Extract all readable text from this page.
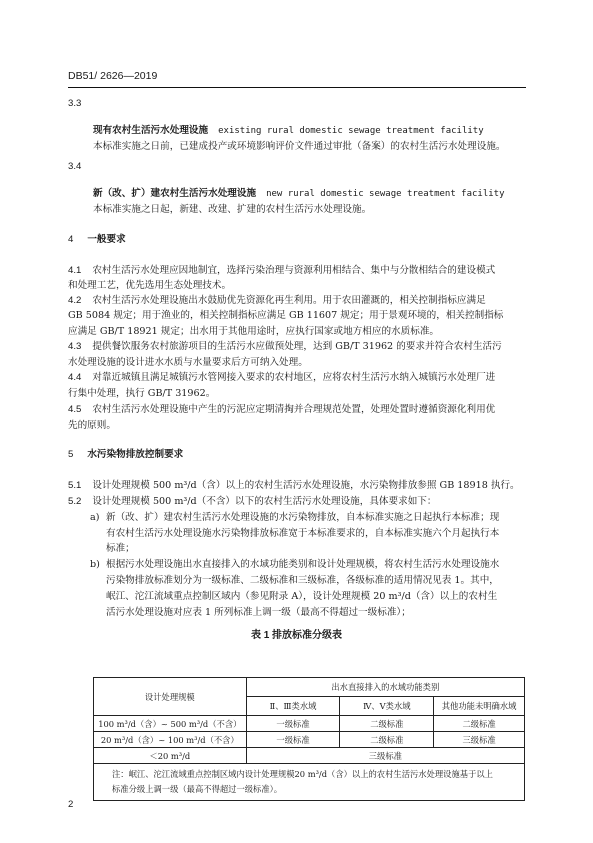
DB51/ 2626—2019
3.3
现有农村生活污水处理设施 existing rural domestic sewage treatment facility
本标准实施之日前，已建成投产或环境影响评价文件通过审批（备案）的农村生活污水处理设施。
3.4
新（改、扩）建农村生活污水处理设施 new rural domestic sewage treatment facility
本标准实施之日起，新建、改建、扩建的农村生活污水处理设施。
4 一般要求
4.1 农村生活污水处理应因地制宜，选择污染治理与资源利用相结合、集中与分散相结合的建设模式
和处理工艺，优先选用生态处理技术。
4.2 农村生活污水处理设施出水鼓励优先资源化再生利用。用于农田灌溉的，相关控制指标应满足
GB 5084 规定；用于渔业的，相关控制指标应满足 GB 11607 规定；用于景观环境的，相关控制指标
应满足 GB/T 18921 规定；出水用于其他用途时，应执行国家或地方相应的水质标准。
4.3 提供餐饮服务农村旅游项目的生活污水应做预处理，达到 GB/T 31962 的要求并符合农村生活污
水处理设施的设计进水水质与水量要求后方可纳入处理。
4.4 对靠近城镇且满足城镇污水管网接入要求的农村地区，应将农村生活污水纳入城镇污水处理厂进
行集中处理，执行 GB/T 31962。
4.5 农村生活污水处理设施中产生的污泥应定期清掏并合理规范处置，处理处置时遵循资源化利用优
先的原则。
5 水污染物排放控制要求
5.1 设计处理规模 500 m³/d（含）以上的农村生活污水处理设施，水污染物排放参照 GB 18918 执行。
5.2 设计处理规模 500 m³/d（不含）以下的农村生活污水处理设施，具体要求如下：
a) 新（改、扩）建农村生活污水处理设施的水污染物排放，自本标准实施之日起执行本标准；现
有农村生活污水处理设施水污染物排放标准宽于本标准要求的，自本标准实施六个月起执行本
标准；
b) 根据污水处理设施出水直接排入的水域功能类别和设计处理规模，将农村生活污水处理设施水
污染物排放标准划分为一级标准、二级标准和三级标准，各级标准的适用情况见表 1。其中，
岷江、沱江流域重点控制区域内（参见附录 A），设计处理规模 20 m³/d（含）以上的农村生
活污水处理设施对应表 1 所列标准上调一级（最高不得超过一级标准）；
表 1 排放标准分级表
设计处理规模	出水直接排入的水域功能类别		
	Ⅱ、Ⅲ类水域	Ⅳ、Ⅴ类水域	其他功能未明确水域
100 m³/d（含）~ 500 m³/d（不含）	一级标准	二级标准	二级标准
20 m³/d（含）~ 100 m³/d（不含）	一级标准	二级标准	三级标准
＜20 m³/d	三级标准		

注：岷江、沱江流域重点控制区域内设计处理规模20 m³/d（含）以上的农村生活污水处理设施基于以上
标准分级上调一级（最高不得超过一级标准）。			
2
